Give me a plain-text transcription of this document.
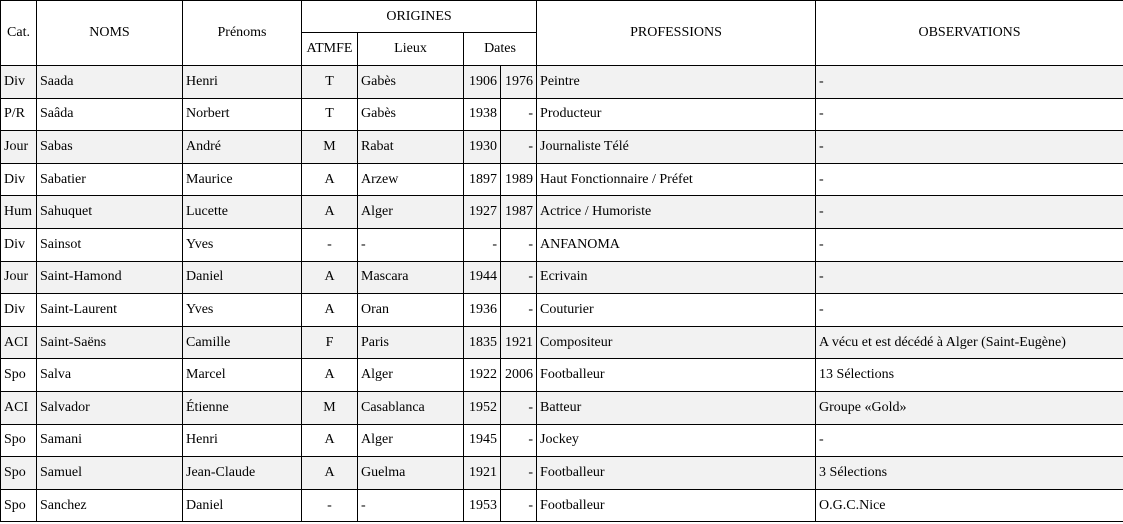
Cat.	NOMS	Prénoms	ORIGINES				PROFESSIONS	OBSERVATIONS
			ATMFE	Lieux	Dates			
Div	Saada	Henri	T	Gabès	1906	1976	Peintre	-
P/R	Saâda	Norbert	T	Gabès	1938	-	Producteur	-
Jour	Sabas	André	M	Rabat	1930	-	Journaliste Télé	-
Div	Sabatier	Maurice	A	Arzew	1897	1989	Haut Fonctionnaire / Préfet	-
Hum	Sahuquet	Lucette	A	Alger	1927	1987	Actrice / Humoriste	-
Div	Sainsot	Yves	-	-	-	-	ANFANOMA	-
Jour	Saint-Hamond	Daniel	A	Mascara	1944	-	Ecrivain	-
Div	Saint-Laurent	Yves	A	Oran	1936	-	Couturier	-
ACI	Saint-Saëns	Camille	F	Paris	1835	1921	Compositeur	A vécu et est décédé à Alger (Saint-Eugène)
Spo	Salva	Marcel	A	Alger	1922	2006	Footballeur	13 Sélections
ACI	Salvador	Étienne	M	Casablanca	1952	-	Batteur	Groupe «Gold»
Spo	Samani	Henri	A	Alger	1945	-	Jockey	-
Spo	Samuel	Jean-Claude	A	Guelma	1921	-	Footballeur	3 Sélections
Spo	Sanchez	Daniel	-	-	1953	-	Footballeur	O.G.C.Nice
